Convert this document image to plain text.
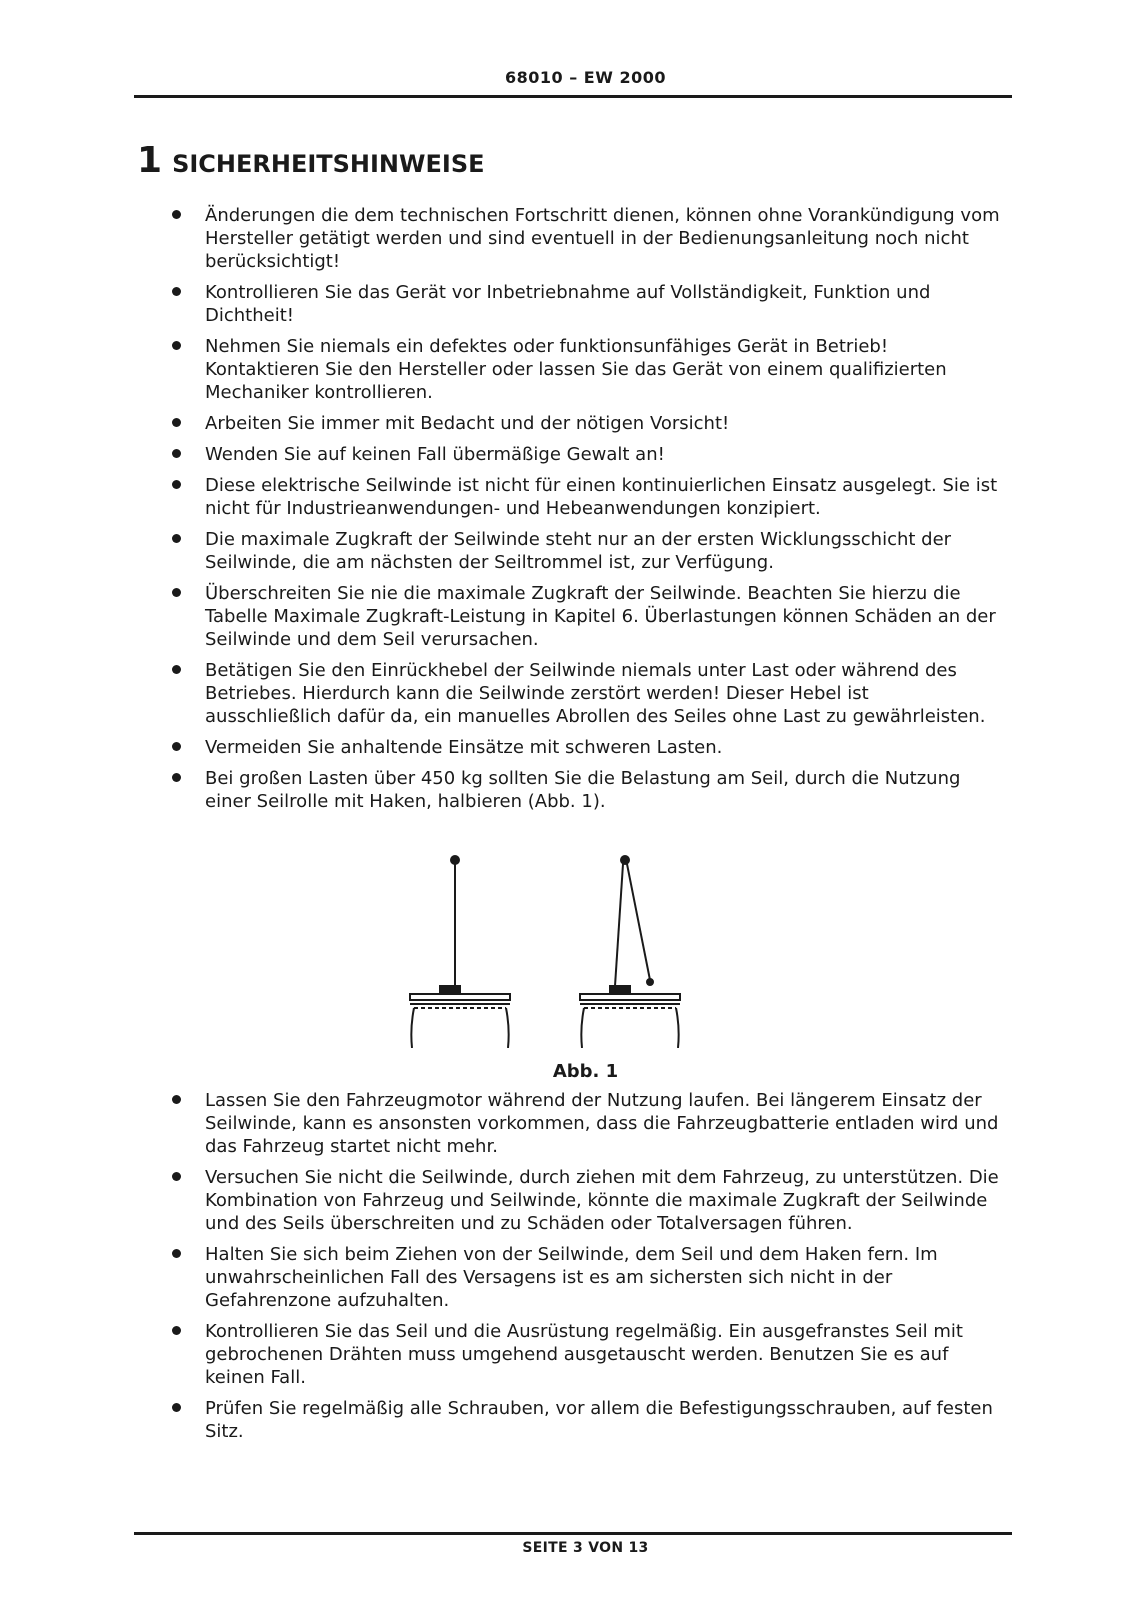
68010 – EW 2000
1 SICHERHEITSHINWEISE
Änderungen die dem technischen Fortschritt dienen, können ohne Vorankündigung vom Hersteller getätigt werden und sind eventuell in der Bedienungsanleitung noch nicht berücksichtigt!
Kontrollieren Sie das Gerät vor Inbetriebnahme auf Vollständigkeit, Funktion und Dichtheit!
Nehmen Sie niemals ein defektes oder funktionsunfähiges Gerät in Betrieb! Kontaktieren Sie den Hersteller oder lassen Sie das Gerät von einem qualifizierten Mechaniker kontrollieren.
Arbeiten Sie immer mit Bedacht und der nötigen Vorsicht!
Wenden Sie auf keinen Fall übermäßige Gewalt an!
Diese elektrische Seilwinde ist nicht für einen kontinuierlichen Einsatz ausgelegt. Sie ist nicht für Industrieanwendungen- und Hebeanwendungen konzipiert.
Die maximale Zugkraft der Seilwinde steht nur an der ersten Wicklungsschicht der Seilwinde, die am nächsten der Seiltrommel ist, zur Verfügung.
Überschreiten Sie nie die maximale Zugkraft der Seilwinde. Beachten Sie hierzu die Tabelle Maximale Zugkraft-Leistung in Kapitel 6. Überlastungen können Schäden an der Seilwinde und dem Seil verursachen.
Betätigen Sie den Einrückhebel der Seilwinde niemals unter Last oder während des Betriebes. Hierdurch kann die Seilwinde zerstört werden! Dieser Hebel ist ausschließlich dafür da, ein manuelles Abrollen des Seiles ohne Last zu gewährleisten.
Vermeiden Sie anhaltende Einsätze mit schweren Lasten.
Bei großen Lasten über 450 kg sollten Sie die Belastung am Seil, durch die Nutzung einer Seilrolle mit Haken, halbieren (Abb. 1).
Abb. 1
Lassen Sie den Fahrzeugmotor während der Nutzung laufen. Bei längerem Einsatz der Seilwinde, kann es ansonsten vorkommen, dass die Fahrzeugbatterie entladen wird und das Fahrzeug startet nicht mehr.
Versuchen Sie nicht die Seilwinde, durch ziehen mit dem Fahrzeug, zu unterstützen. Die Kombination von Fahrzeug und Seilwinde, könnte die maximale Zugkraft der Seilwinde und des Seils überschreiten und zu Schäden oder Totalversagen führen.
Halten Sie sich beim Ziehen von der Seilwinde, dem Seil und dem Haken fern. Im unwahrscheinlichen Fall des Versagens ist es am sichersten sich nicht in der Gefahrenzone aufzuhalten.
Kontrollieren Sie das Seil und die Ausrüstung regelmäßig. Ein ausgefranstes Seil mit gebrochenen Drähten muss umgehend ausgetauscht werden. Benutzen Sie es auf keinen Fall.
Prüfen Sie regelmäßig alle Schrauben, vor allem die Befestigungsschrauben, auf festen Sitz.
SEITE 3 VON 13
